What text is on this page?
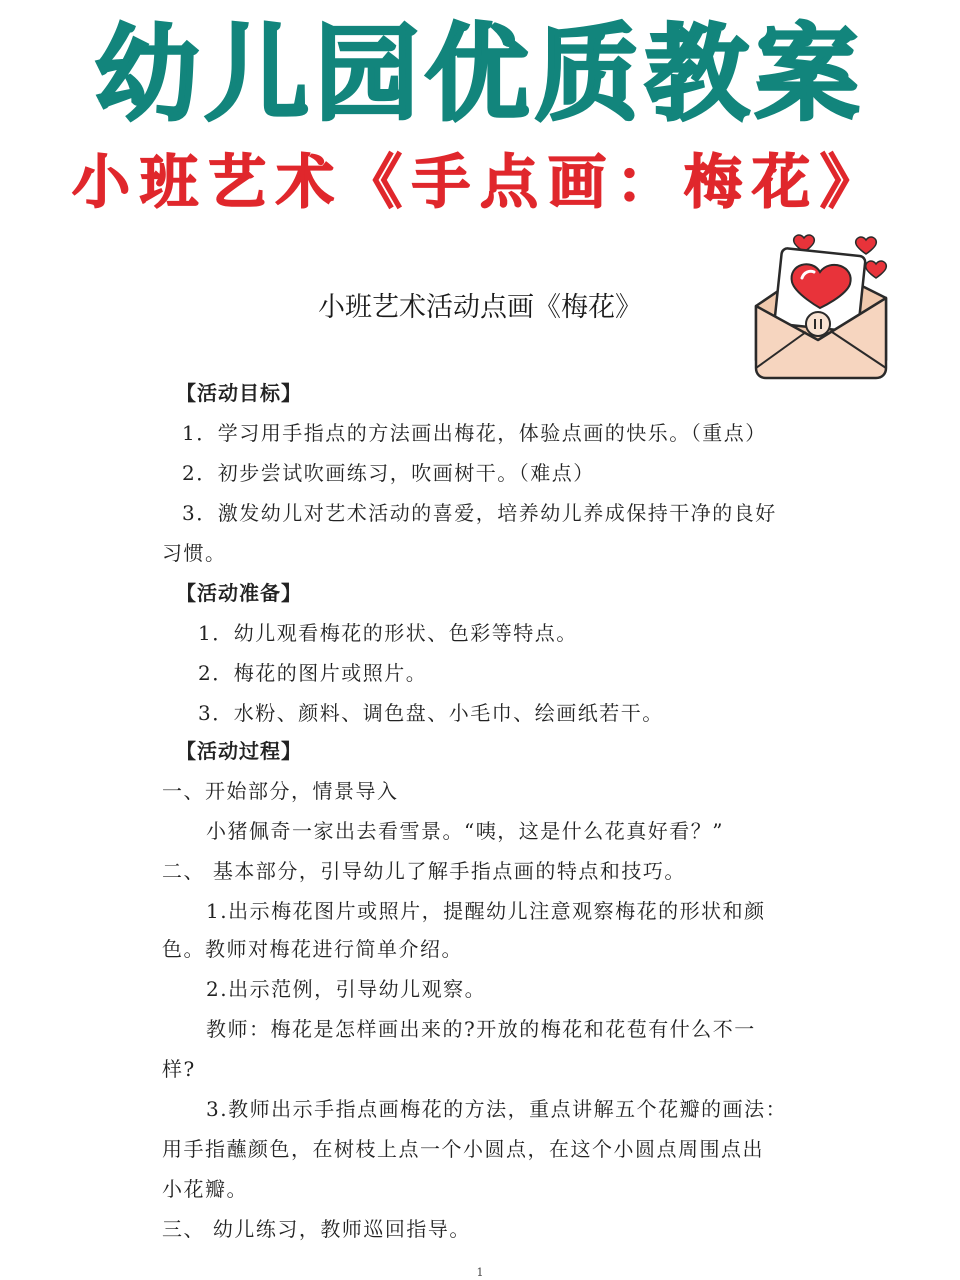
幼儿园优质教案
小班艺术《手点画：梅花》
小班艺术活动点画《梅花》
【活动目标】
1．学习用手指点的方法画出梅花，体验点画的快乐。（重点）
2．初步尝试吹画练习，吹画树干。（难点）
3．激发幼儿对艺术活动的喜爱，培养幼儿养成保持干净的良好
习惯。
【活动准备】
1．幼儿观看梅花的形状、色彩等特点。
2．梅花的图片或照片。
3．水粉、颜料、调色盘、小毛巾、绘画纸若干。
【活动过程】
一、开始部分，情景导入
小猪佩奇一家出去看雪景。“咦，这是什么花真好看？”
二、 基本部分，引导幼儿了解手指点画的特点和技巧。
1.出示梅花图片或照片，提醒幼儿注意观察梅花的形状和颜
色。教师对梅花进行简单介绍。
2.出示范例，引导幼儿观察。
教师：梅花是怎样画出来的?开放的梅花和花苞有什么不一
样?
3.教师出示手指点画梅花的方法，重点讲解五个花瓣的画法：
用手指蘸颜色，在树枝上点一个小圆点，在这个小圆点周围点出
小花瓣。
三、 幼儿练习，教师巡回指导。
1
